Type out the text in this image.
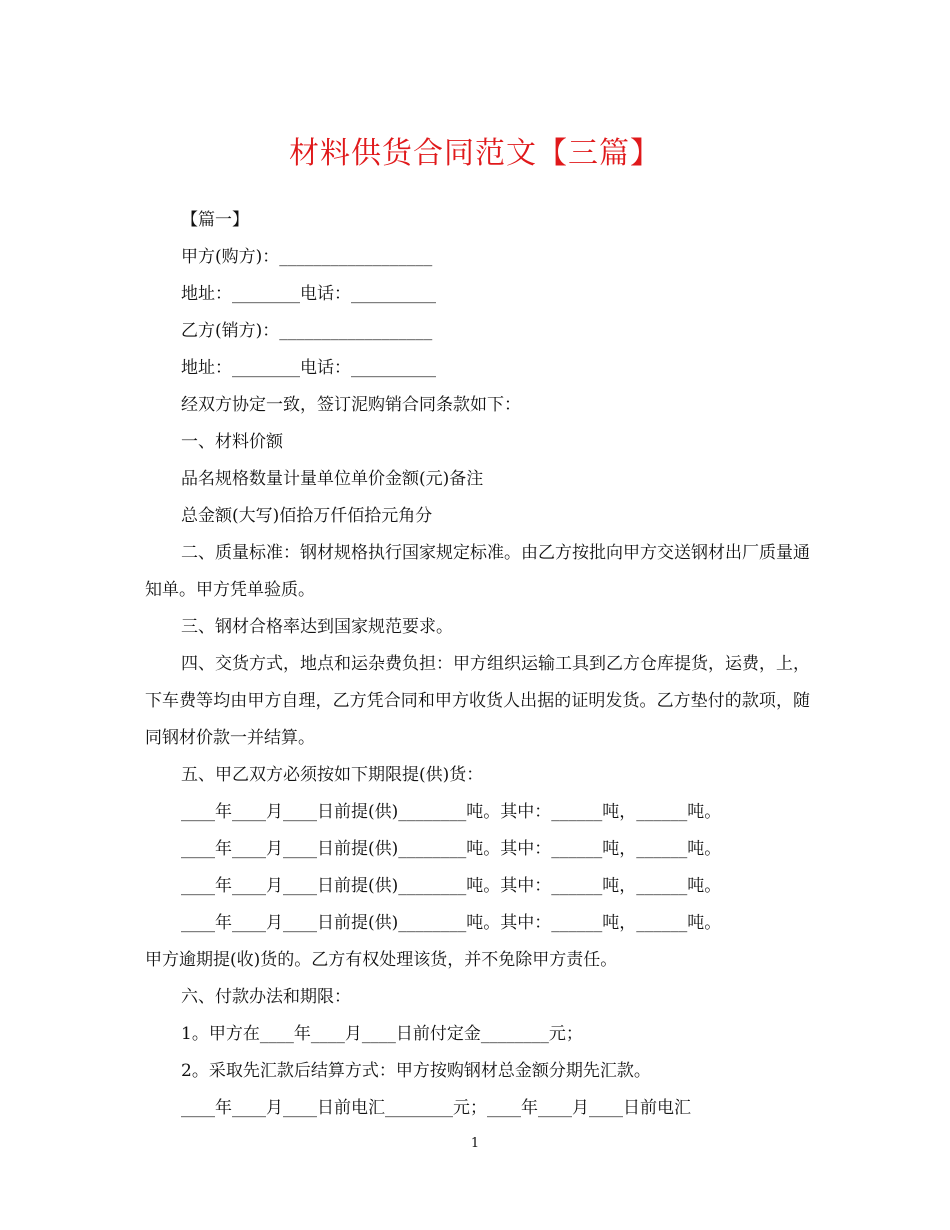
材料供货合同范文【三篇】
【篇一】
甲方(购方)：__________________
地址：________电话：__________
乙方(销方)：__________________
地址：________电话：__________
经双方协定一致，签订泥购销合同条款如下：
一、材料价额
品名规格数量计量单位单价金额(元)备注
总金额(大写)佰拾万仟佰拾元角分
二、质量标准：钢材规格执行国家规定标准。由乙方按批向甲方交送钢材出厂质量通知单。甲方凭单验质。
三、钢材合格率达到国家规范要求。
四、交货方式，地点和运杂费负担：甲方组织运输工具到乙方仓库提货，运费，上，下车费等均由甲方自理，乙方凭合同和甲方收货人出据的证明发货。乙方垫付的款项，随同钢材价款一并结算。
五、甲乙双方必须按如下期限提(供)货：
____年____月____日前提(供)________吨。其中：______吨，______吨。
____年____月____日前提(供)________吨。其中：______吨，______吨。
____年____月____日前提(供)________吨。其中：______吨，______吨。
____年____月____日前提(供)________吨。其中：______吨，______吨。
甲方逾期提(收)货的。乙方有权处理该货，并不免除甲方责任。
六、付款办法和期限：
1。甲方在____年____月____日前付定金________元；
2。采取先汇款后结算方式：甲方按购钢材总金额分期先汇款。
____年____月____日前电汇________元；____年____月____日前电汇
1
